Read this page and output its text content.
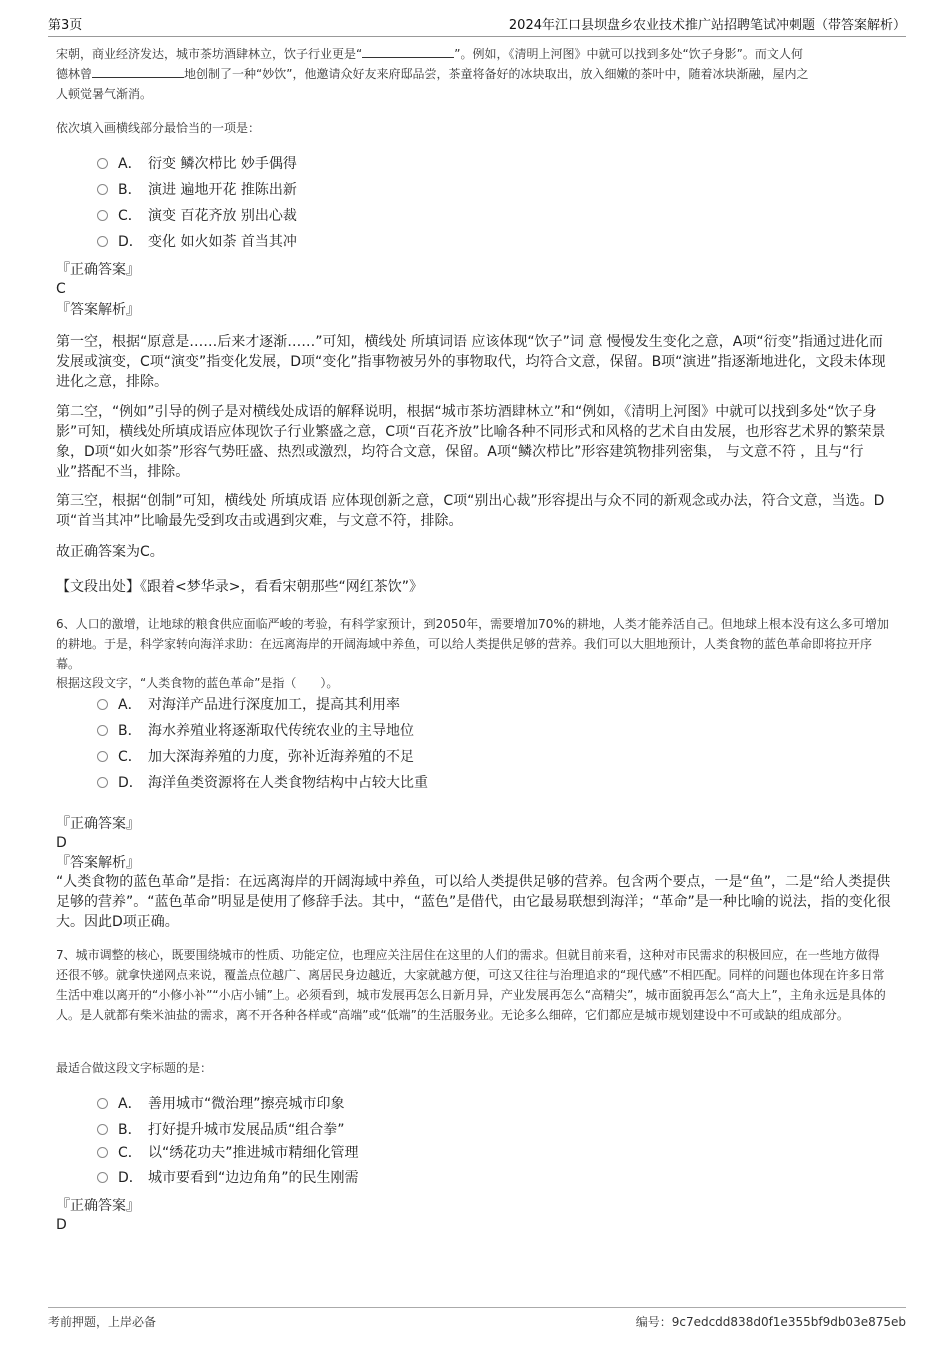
第3页	2024年江口县坝盘乡农业技术推广站招聘笔试冲刺题（带答案解析）

宋朝，商业经济发达，城市茶坊酒肆林立，饮子行业更是“	”。例如，《清明上河图》中就可以找到多处“饮子身影”。而文人何

德林曾	地创制了一种“妙饮”，他邀请众好友来府邸品尝，茶童将备好的冰块取出，放入细嫩的茶叶中，随着冰块渐融，屋内之

人顿觉暑气渐消。

依次填入画横线部分最恰当的一项是：
A． 衍变 鳞次栉比 妙手偶得
B． 演进 遍地开花 推陈出新
C． 演变 百花齐放 别出心裁
D． 变化 如火如荼 首当其冲
『正确答案』
C
『答案解析』
第一空，根据“原意是……后来才逐渐……”可知，横线处 所填词语 应该体现“饮子”词 意 慢慢发生变化之意，A项“衍变”指通过进化而发展或演变，C项“演变”指变化发展，D项“变化”指事物被另外的事物取代，均符合文意，保留。B项“演进”指逐渐地进化，文段未体现进化之意，排除。
第二空，“例如”引导的例子是对横线处成语的解释说明，根据“城市茶坊酒肆林立”和“例如，《清明上河图》中就可以找到多处“饮子身影”可知，横线处所填成语应体现饮子行业繁盛之意，C项“百花齐放”比喻各种不同形式和风格的艺术自由发展，也形容艺术界的繁荣景象，D项“如火如荼”形容气势旺盛、热烈或激烈，均符合文意，保留。A项“鳞次栉比”形容建筑物排列密集， 与文意不符 ，且与“行业”搭配不当，排除。
第三空，根据“创制”可知，横线处 所填成语 应体现创新之意，C项“别出心裁”形容提出与众不同的新观念或办法，符合文意，当选。D项“首当其冲”比喻最先受到攻击或遇到灾难，与文意不符，排除。
故正确答案为C。
【文段出处】《跟着<梦华录>，看看宋朝那些“网红茶饮”》
6、人口的激增，让地球的粮食供应面临严峻的考验，有科学家预计，到2050年，需要增加70%的耕地，人类才能养活自己。但地球上根本没有这么多可增加的耕地。于是，科学家转向海洋求助：在远离海岸的开阔海域中养鱼，可以给人类提供足够的营养。我们可以大胆地预计，人类食物的蓝色革命即将拉开序幕。
根据这段文字，“人类食物的蓝色革命”是指（　　）。
A． 对海洋产品进行深度加工，提高其利用率
B． 海水养殖业将逐渐取代传统农业的主导地位
C． 加大深海养殖的力度，弥补近海养殖的不足
D． 海洋鱼类资源将在人类食物结构中占较大比重
『正确答案』
D
『答案解析』
“人类食物的蓝色革命”是指：在远离海岸的开阔海域中养鱼，可以给人类提供足够的营养。包含两个要点，一是“鱼”，二是“给人类提供足够的营养”。“蓝色革命”明显是使用了修辞手法。其中，“蓝色”是借代，由它最易联想到海洋；“革命”是一种比喻的说法，指的变化很大。因此D项正确。
7、城市调整的核心，既要围绕城市的性质、功能定位，也理应关注居住在这里的人们的需求。但就目前来看，这种对市民需求的积极回应，在一些地方做得还很不够。就拿快递网点来说，覆盖点位越广、离居民身边越近，大家就越方便，可这又往往与治理追求的“现代感”不相匹配。同样的问题也体现在许多日常生活中难以离开的“小修小补”“小店小铺”上。必须看到，城市发展再怎么日新月异，产业发展再怎么“高精尖”，城市面貌再怎么“高大上”，主角永远是具体的人。是人就都有柴米油盐的需求，离不开各种各样或“高端”或“低端”的生活服务业。无论多么细碎，它们都应是城市规划建设中不可或缺的组成部分。
最适合做这段文字标题的是：
A． 善用城市“微治理”擦亮城市印象
B． 打好提升城市发展品质“组合拳”
C． 以“绣花功夫”推进城市精细化管理
D． 城市要看到“边边角角”的民生刚需
『正确答案』
D
考前押题，上岸必备	编号：9c7edcdd838d0f1e355bf9db03e875eb
